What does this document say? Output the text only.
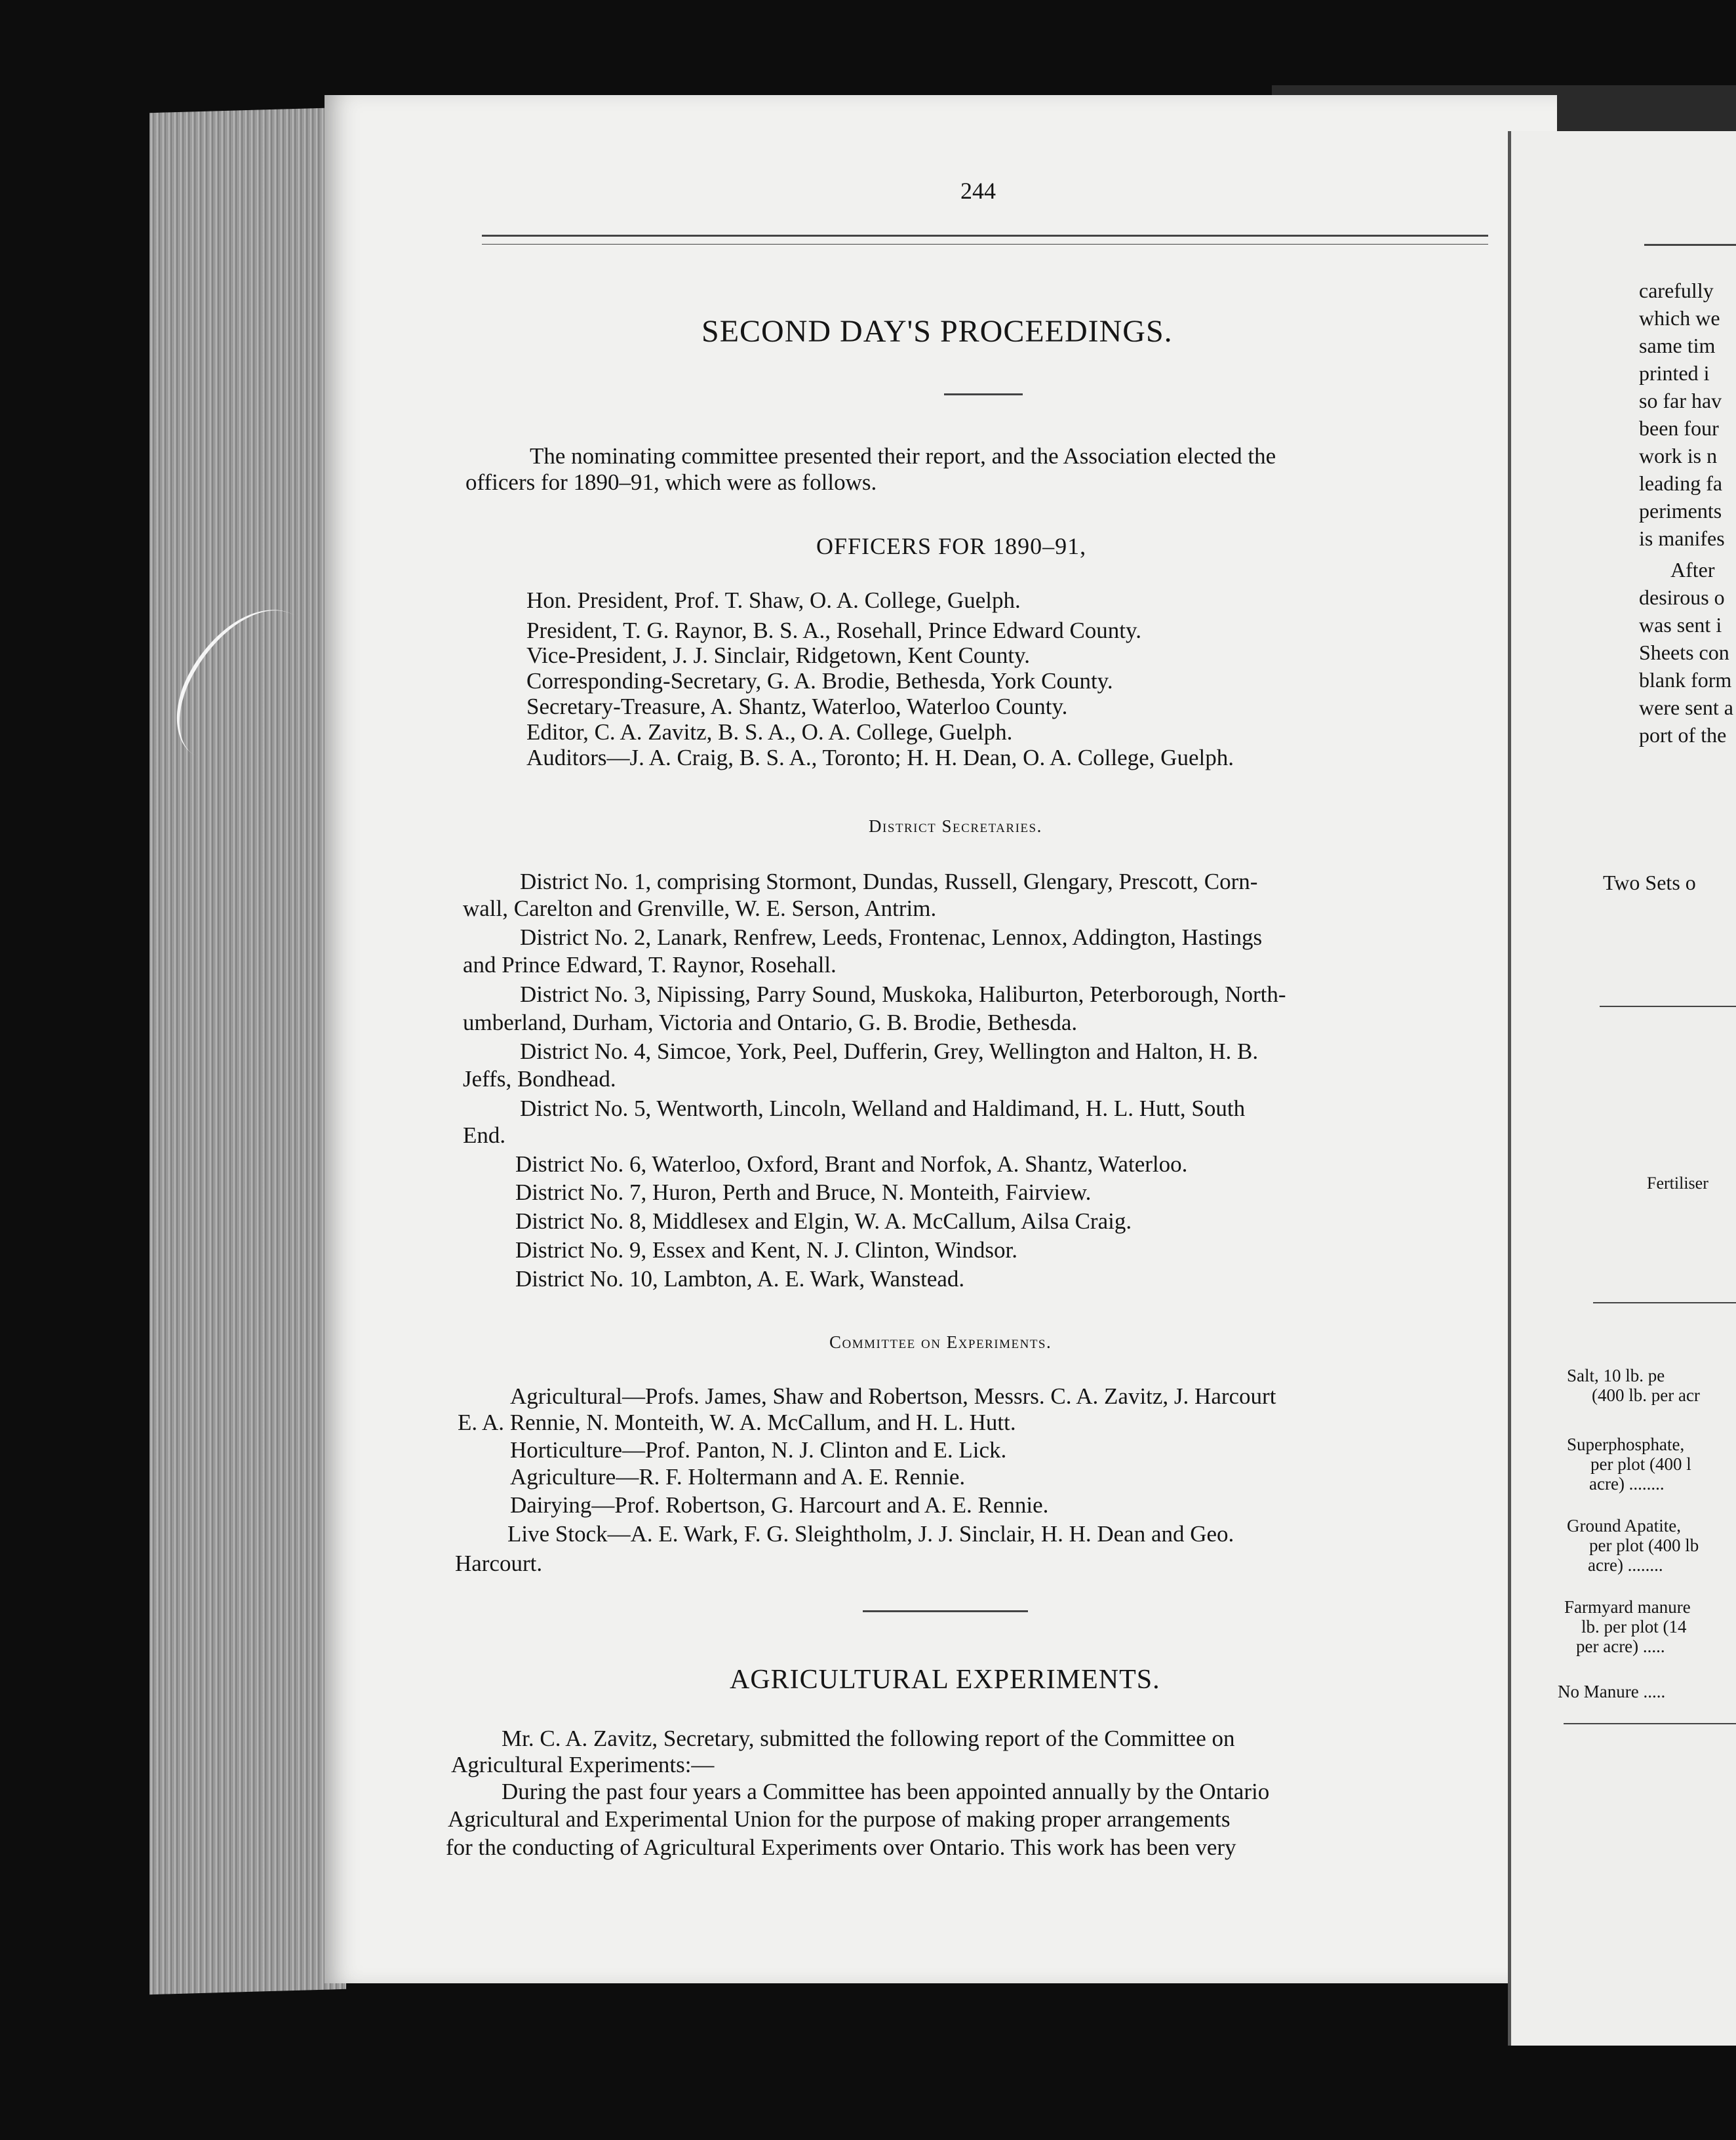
244
SECOND DAY'S PROCEEDINGS.
The nominating committee presented their report, and the Association elected the
officers for 1890–91, which were as follows.
OFFICERS FOR 1890–91,
Hon. President, Prof. T. Shaw, O. A. College, Guelph.
President, T. G. Raynor, B. S. A., Rosehall, Prince Edward County.
Vice-President, J. J. Sinclair, Ridgetown, Kent County.
Corresponding-Secretary, G. A. Brodie, Bethesda, York County.
Secretary-Treasure, A. Shantz, Waterloo, Waterloo County.
Editor, C. A. Zavitz, B. S. A., O. A. College, Guelph.
Auditors—J. A. Craig, B. S. A., Toronto; H. H. Dean, O. A. College, Guelph.
District Secretaries.
District No. 1, comprising Stormont, Dundas, Russell, Glengary, Prescott, Corn-
wall, Carelton and Grenville, W. E. Serson, Antrim.
District No. 2, Lanark, Renfrew, Leeds, Frontenac, Lennox, Addington, Hastings
and Prince Edward, T. Raynor, Rosehall.
District No. 3, Nipissing, Parry Sound, Muskoka, Haliburton, Peterborough, North-
umberland, Durham, Victoria and Ontario, G. B. Brodie, Bethesda.
District No. 4, Simcoe, York, Peel, Dufferin, Grey, Wellington and Halton, H. B.
Jeffs, Bondhead.
District No. 5, Wentworth, Lincoln, Welland and Haldimand, H. L. Hutt, South
End.
District No. 6, Waterloo, Oxford, Brant and Norfok, A. Shantz, Waterloo.
District No. 7, Huron, Perth and Bruce, N. Monteith, Fairview.
District No. 8, Middlesex and Elgin, W. A. McCallum, Ailsa Craig.
District No. 9, Essex and Kent, N. J. Clinton, Windsor.
District No. 10, Lambton, A. E. Wark, Wanstead.
Committee on Experiments.
Agricultural—Profs. James, Shaw and Robertson, Messrs. C. A. Zavitz, J. Harcourt
E. A. Rennie, N. Monteith, W. A. McCallum, and H. L. Hutt.
Horticulture—Prof. Panton, N. J. Clinton and E. Lick.
Agriculture—R. F. Holtermann and A. E. Rennie.
Dairying—Prof. Robertson, G. Harcourt and A. E. Rennie.
Live Stock—A. E. Wark, F. G. Sleightholm, J. J. Sinclair, H. H. Dean and Geo.
Harcourt.
AGRICULTURAL EXPERIMENTS.
Mr. C. A. Zavitz, Secretary, submitted the following report of the Committee on
Agricultural Experiments:—
During the past four years a Committee has been appointed annually by the Ontario
Agricultural and Experimental Union for the purpose of making proper arrangements
for the conducting of Agricultural Experiments over Ontario. This work has been very
carefully
which we
same tim
printed i
so far hav
been four
work is n
leading fa
periments
is manifes
After
desirous o
was sent i
Sheets con
blank form
were sent a
port of the
Two Sets o
Fertiliser
Salt, 10 lb. pe
(400 lb. per acr
Superphosphate,
per plot (400 l
acre) ........
Ground Apatite,
per plot (400 lb
acre) ........
Farmyard manure
lb. per plot (14
per acre) .....
No Manure .....
